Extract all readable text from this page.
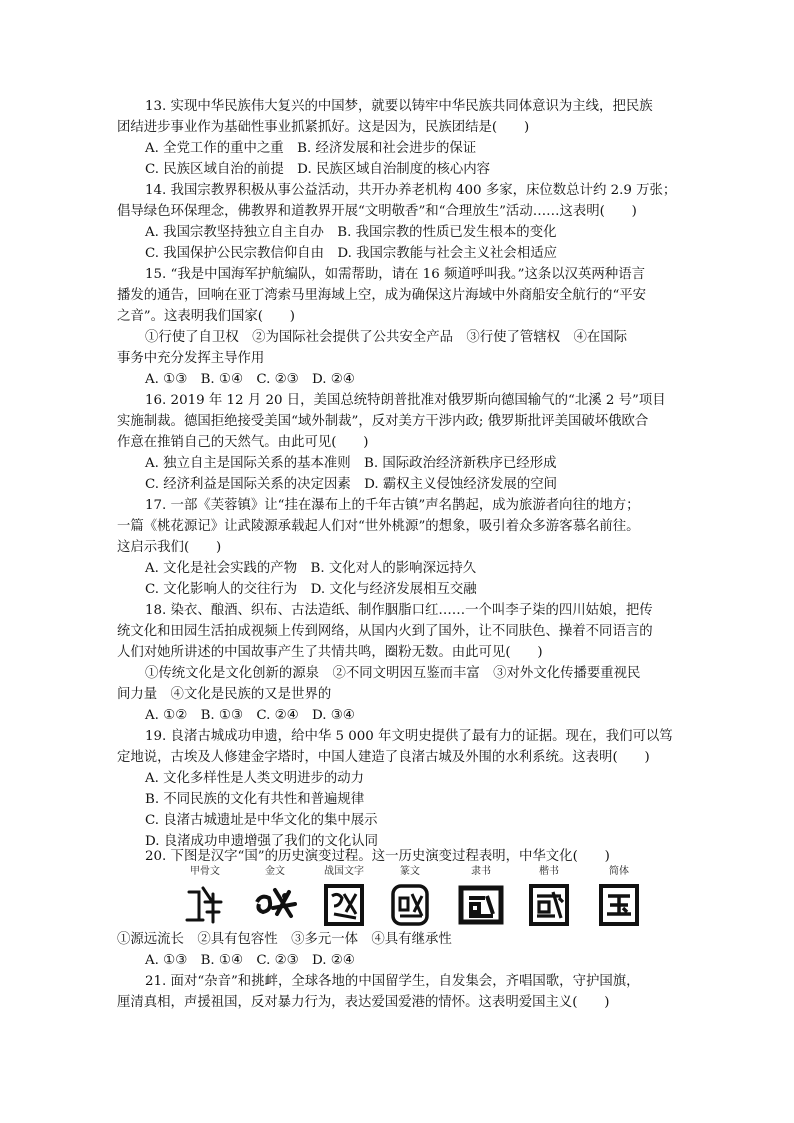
13. 实现中华民族伟大复兴的中国梦，就要以铸牢中华民族共同体意识为主线，把民族
团结进步事业作为基础性事业抓紧抓好。这是因为，民族团结是(　　)
A. 全党工作的重中之重　B. 经济发展和社会进步的保证
C. 民族区域自治的前提　D. 民族区域自治制度的核心内容
14. 我国宗教界积极从事公益活动，共开办养老机构 400 多家，床位数总计约 2.9 万张；
倡导绿色环保理念，佛教界和道教界开展“文明敬香”和“合理放生”活动……这表明(　　)
A. 我国宗教坚持独立自主自办　B. 我国宗教的性质已发生根本的变化
C. 我国保护公民宗教信仰自由　D. 我国宗教能与社会主义社会相适应
15. “我是中国海军护航编队，如需帮助，请在 16 频道呼叫我。”这条以汉英两种语言
播发的通告，回响在亚丁湾索马里海域上空，成为确保这片海域中外商船安全航行的“平安
之音”。这表明我们国家(　　)
①行使了自卫权　②为国际社会提供了公共安全产品　③行使了管辖权　④在国际
事务中充分发挥主导作用
A. ①③　B. ①④　C. ②③　D. ②④
16. 2019 年 12 月 20 日，美国总统特朗普批准对俄罗斯向德国输气的“北溪 2 号”项目
实施制裁。德国拒绝接受美国“域外制裁”，反对美方干涉内政; 俄罗斯批评美国破坏俄欧合
作意在推销自己的天然气。由此可见(　　)
A. 独立自主是国际关系的基本准则　B. 国际政治经济新秩序已经形成
C. 经济利益是国际关系的决定因素　D. 霸权主义侵蚀经济发展的空间
17. 一部《芙蓉镇》让“挂在瀑布上的千年古镇”声名鹊起，成为旅游者向往的地方；
一篇《桃花源记》让武陵源承载起人们对“世外桃源”的想象，吸引着众多游客慕名前往。
这启示我们(　　)
A. 文化是社会实践的产物　B. 文化对人的影响深远持久
C. 文化影响人的交往行为　D. 文化与经济发展相互交融
18. 染衣、酿酒、织布、古法造纸、制作胭脂口红……一个叫李子柒的四川姑娘，把传
统文化和田园生活拍成视频上传到网络，从国内火到了国外，让不同肤色、操着不同语言的
人们对她所讲述的中国故事产生了共情共鸣，圈粉无数。由此可见(　　)
①传统文化是文化创新的源泉　②不同文明因互鉴而丰富　③对外文化传播要重视民
间力量　④文化是民族的又是世界的
A. ①②　B. ①③　C. ②④　D. ③④
19. 良渚古城成功申遗，给中华 5 000 年文明史提供了最有力的证据。现在，我们可以笃
定地说，古埃及人修建金字塔时，中国人建造了良渚古城及外围的水利系统。这表明(　　)
A. 文化多样性是人类文明进步的动力
B. 不同民族的文化有共性和普遍规律
C. 良渚古城遗址是中华文化的集中展示
D. 良渚成功申遗增强了我们的文化认同
20. 下图是汉字“国”的历史演变过程。这一历史演变过程表明，中华文化(　　)
甲骨文	金文	战国文字	篆文	隶书	楷书	简体
①源远流长　②具有包容性　③多元一体　④具有继承性
A. ①③　B. ①④　C. ②③　D. ②④
21. 面对“杂音”和挑衅，全球各地的中国留学生，自发集会，齐唱国歌，守护国旗，
厘清真相，声援祖国，反对暴力行为，表达爱国爱港的情怀。这表明爱国主义(　　)
